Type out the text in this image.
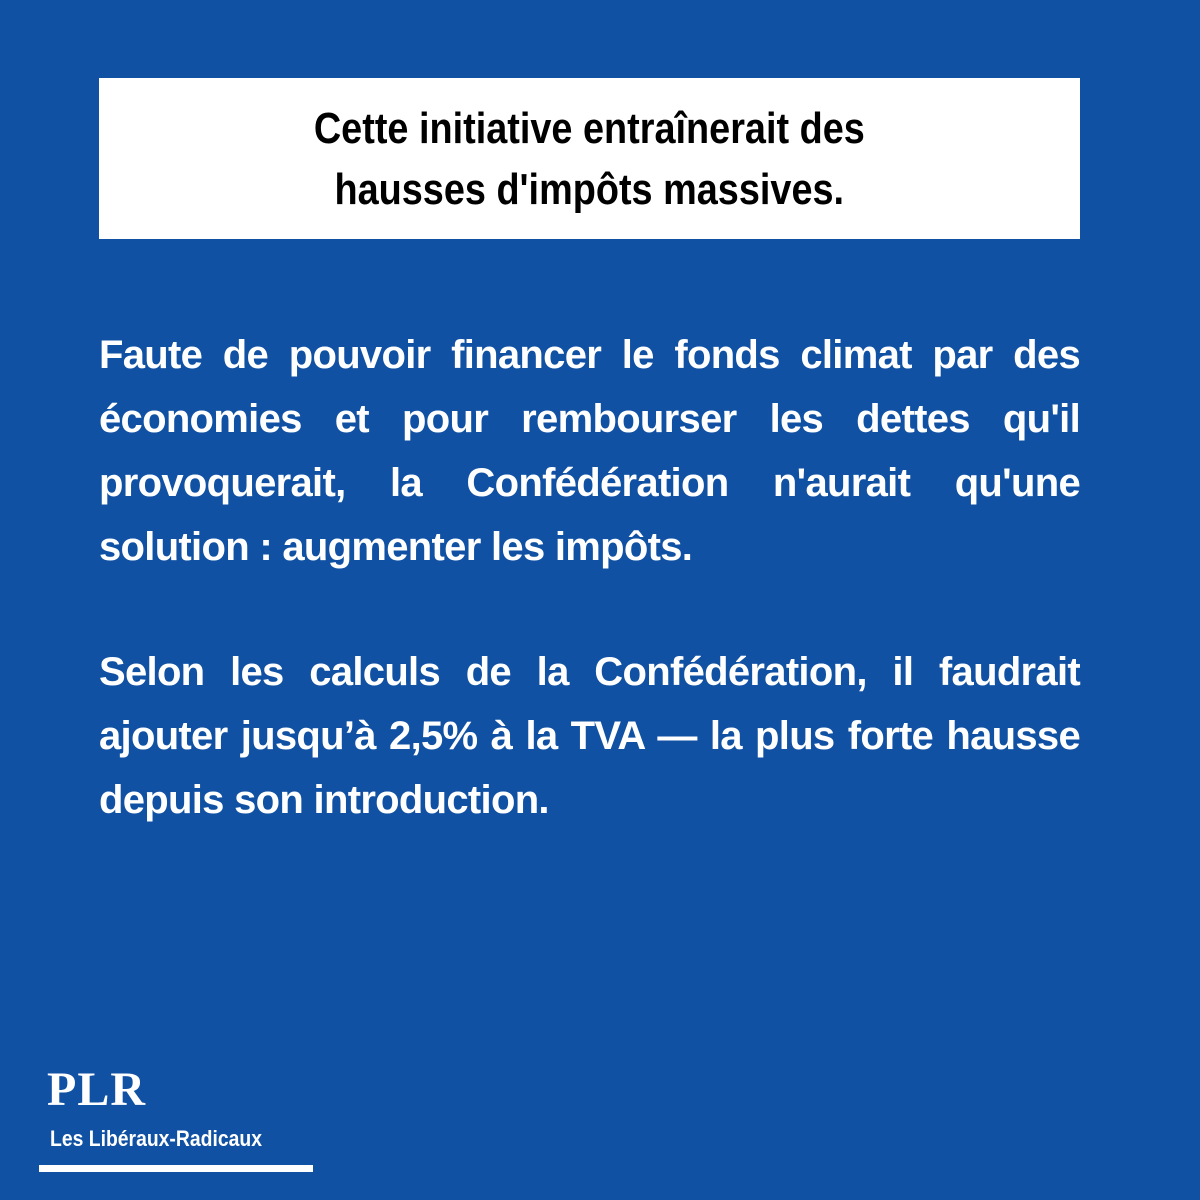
Cette initiative entraînerait des
hausses d'impôts massives.

Faute de pouvoir financer le fonds climat par des économies et pour rembourser les dettes qu'il provoquerait, la Confédération n'aurait qu'une solution : augmenter les impôts.

Selon les calculs de la Confédération, il faudrait ajouter jusqu’à 2,5% à la TVA — la plus forte hausse depuis son introduction.

PLR
Les Libéraux-Radicaux
